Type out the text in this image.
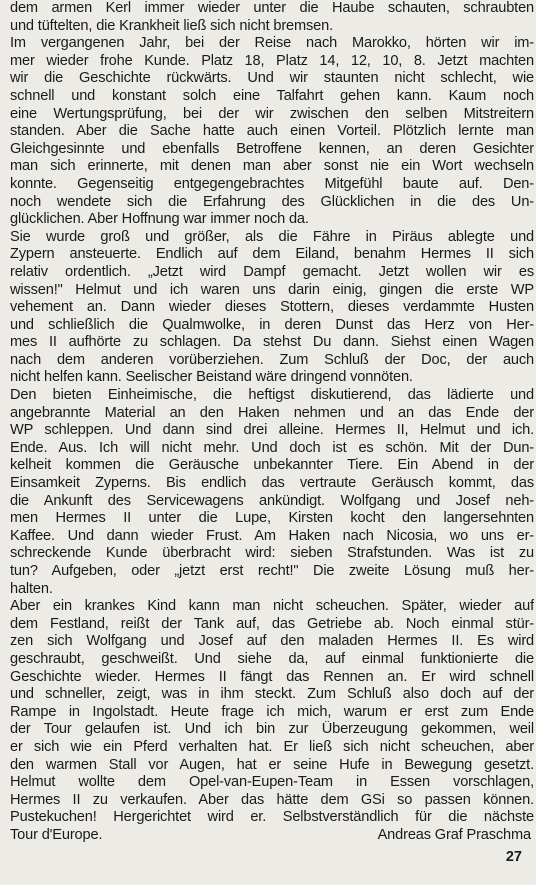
dem armen Kerl immer wieder unter die Haube schauten, schraubten
und tüftelten, die Krankheit ließ sich nicht bremsen.
Im vergangenen Jahr, bei der Reise nach Marokko, hörten wir im-
mer wieder frohe Kunde. Platz 18, Platz 14, 12, 10, 8. Jetzt machten
wir die Geschichte rückwärts. Und wir staunten nicht schlecht, wie
schnell und konstant solch eine Talfahrt gehen kann. Kaum noch
eine Wertungsprüfung, bei der wir zwischen den selben Mitstreitern
standen. Aber die Sache hatte auch einen Vorteil. Plötzlich lernte man
Gleichgesinnte und ebenfalls Betroffene kennen, an deren Gesichter
man sich erinnerte, mit denen man aber sonst nie ein Wort wechseln
konnte. Gegenseitig entgegengebrachtes Mitgefühl baute auf. Den-
noch wendete sich die Erfahrung des Glücklichen in die des Un-
glücklichen. Aber Hoffnung war immer noch da.
Sie wurde groß und größer, als die Fähre in Piräus ablegte und
Zypern ansteuerte. Endlich auf dem Eiland, benahm Hermes II sich
relativ ordentlich. „Jetzt wird Dampf gemacht. Jetzt wollen wir es
wissen!" Helmut und ich waren uns darin einig, gingen die erste WP
vehement an. Dann wieder dieses Stottern, dieses verdammte Husten
und schließlich die Qualmwolke, in deren Dunst das Herz von Her-
mes II aufhörte zu schlagen. Da stehst Du dann. Siehst einen Wagen
nach dem anderen vorüberziehen. Zum Schluß der Doc, der auch
nicht helfen kann. Seelischer Beistand wäre dringend vonnöten.
Den bieten Einheimische, die heftigst diskutierend, das lädierte und
angebrannte Material an den Haken nehmen und an das Ende der
WP schleppen. Und dann sind drei alleine. Hermes II, Helmut und ich.
Ende. Aus. Ich will nicht mehr. Und doch ist es schön. Mit der Dun-
kelheit kommen die Geräusche unbekannter Tiere. Ein Abend in der
Einsamkeit Zyperns. Bis endlich das vertraute Geräusch kommt, das
die Ankunft des Servicewagens ankündigt. Wolfgang und Josef neh-
men Hermes II unter die Lupe, Kirsten kocht den langersehnten
Kaffee. Und dann wieder Frust. Am Haken nach Nicosia, wo uns er-
schreckende Kunde überbracht wird: sieben Strafstunden. Was ist zu
tun? Aufgeben, oder „jetzt erst recht!" Die zweite Lösung muß her-
halten.
Aber ein krankes Kind kann man nicht scheuchen. Später, wieder auf
dem Festland, reißt der Tank auf, das Getriebe ab. Noch einmal stür-
zen sich Wolfgang und Josef auf den maladen Hermes II. Es wird
geschraubt, geschweißt. Und siehe da, auf einmal funktionierte die
Geschichte wieder. Hermes II fängt das Rennen an. Er wird schnell
und schneller, zeigt, was in ihm steckt. Zum Schluß also doch auf der
Rampe in Ingolstadt. Heute frage ich mich, warum er erst zum Ende
der Tour gelaufen ist. Und ich bin zur Überzeugung gekommen, weil
er sich wie ein Pferd verhalten hat. Er ließ sich nicht scheuchen, aber
den warmen Stall vor Augen, hat er seine Hufe in Bewegung gesetzt.
Helmut wollte dem Opel-van-Eupen-Team in Essen vorschlagen,
Hermes II zu verkaufen. Aber das hätte dem GSi so passen können.
Pustekuchen! Hergerichtet wird er. Selbstverständlich für die nächste
Tour d'Europe.	Andreas Graf Praschma
27
